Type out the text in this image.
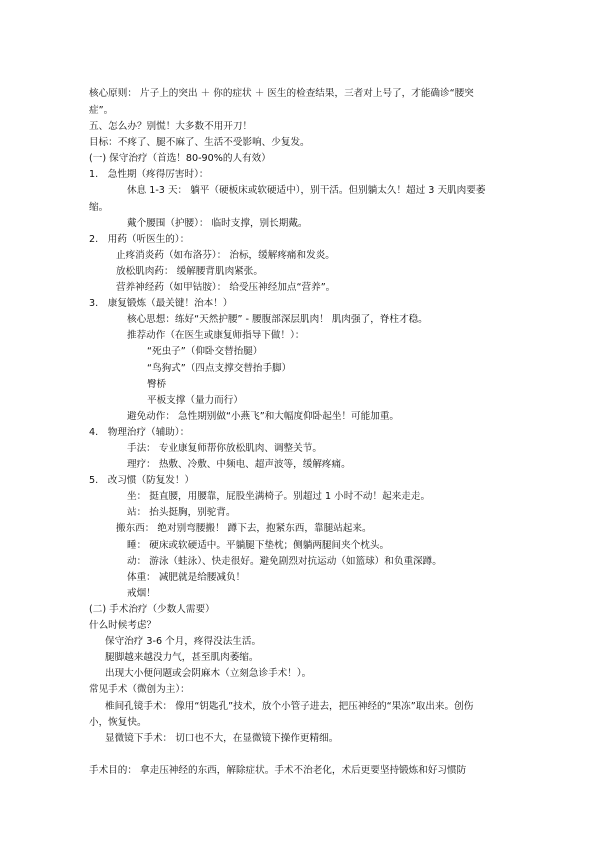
核心原则： 片子上的突出 ＋ 你的症状 ＋ 医生的检查结果，三者对上号了，才能确诊“腰突
症”。
五、怎么办？别慌！大多数不用开刀！
目标：不疼了、腿不麻了、生活不受影响、少复发。
(一) 保守治疗（首选！80-90%的人有效）
1.　急性期（疼得厉害时）：
休息 1-3 天： 躺平（硬板床或软硬适中），别干活。但别躺太久！超过 3 天肌肉要萎
缩。
戴个腰围（护腰）： 临时支撑，别长期戴。
2.　用药（听医生的）：
止疼消炎药（如布洛芬）： 治标，缓解疼痛和发炎。
放松肌肉药： 缓解腰背肌肉紧张。
营养神经药（如甲钴胺）： 给受压神经加点“营养”。
3.　康复锻炼（最关键！治本！）
核心思想：练好“天然护腰” - 腰腹部深层肌肉！ 肌肉强了，脊柱才稳。
推荐动作（在医生或康复师指导下做！）：
“死虫子”（仰卧交替抬腿）
“鸟狗式”（四点支撑交替抬手脚）
臀桥
平板支撑（量力而行）
避免动作： 急性期别做“小燕飞”和大幅度仰卧起坐！可能加重。
4.　物理治疗（辅助）：
手法： 专业康复师帮你放松肌肉、调整关节。
理疗： 热敷、冷敷、中频电、超声波等，缓解疼痛。
5.　改习惯（防复发！）
坐： 挺直腰，用腰靠，屁股坐满椅子。别超过 1 小时不动！起来走走。
站： 抬头挺胸，别驼背。
搬东西： 绝对别弯腰搬！ 蹲下去，抱紧东西，靠腿站起来。
睡： 硬床或软硬适中。平躺腿下垫枕；侧躺两腿间夹个枕头。
动： 游泳（蛙泳）、快走很好。避免剧烈对抗运动（如篮球）和负重深蹲。
体重： 减肥就是给腰减负！
戒烟！
(二) 手术治疗（少数人需要）
什么时候考虑？
保守治疗 3-6 个月，疼得没法生活。
腿脚越来越没力气，甚至肌肉萎缩。
出现大小便问题或会阴麻木（立刻急诊手术！）。
常见手术（微创为主）：
椎间孔镜手术： 像用“钥匙孔”技术，放个小管子进去，把压神经的“果冻”取出来。创伤
小，恢复快。
显微镜下手术： 切口也不大，在显微镜下操作更精细。
手术目的： 拿走压神经的东西，解除症状。手术不治老化，术后更要坚持锻炼和好习惯防
